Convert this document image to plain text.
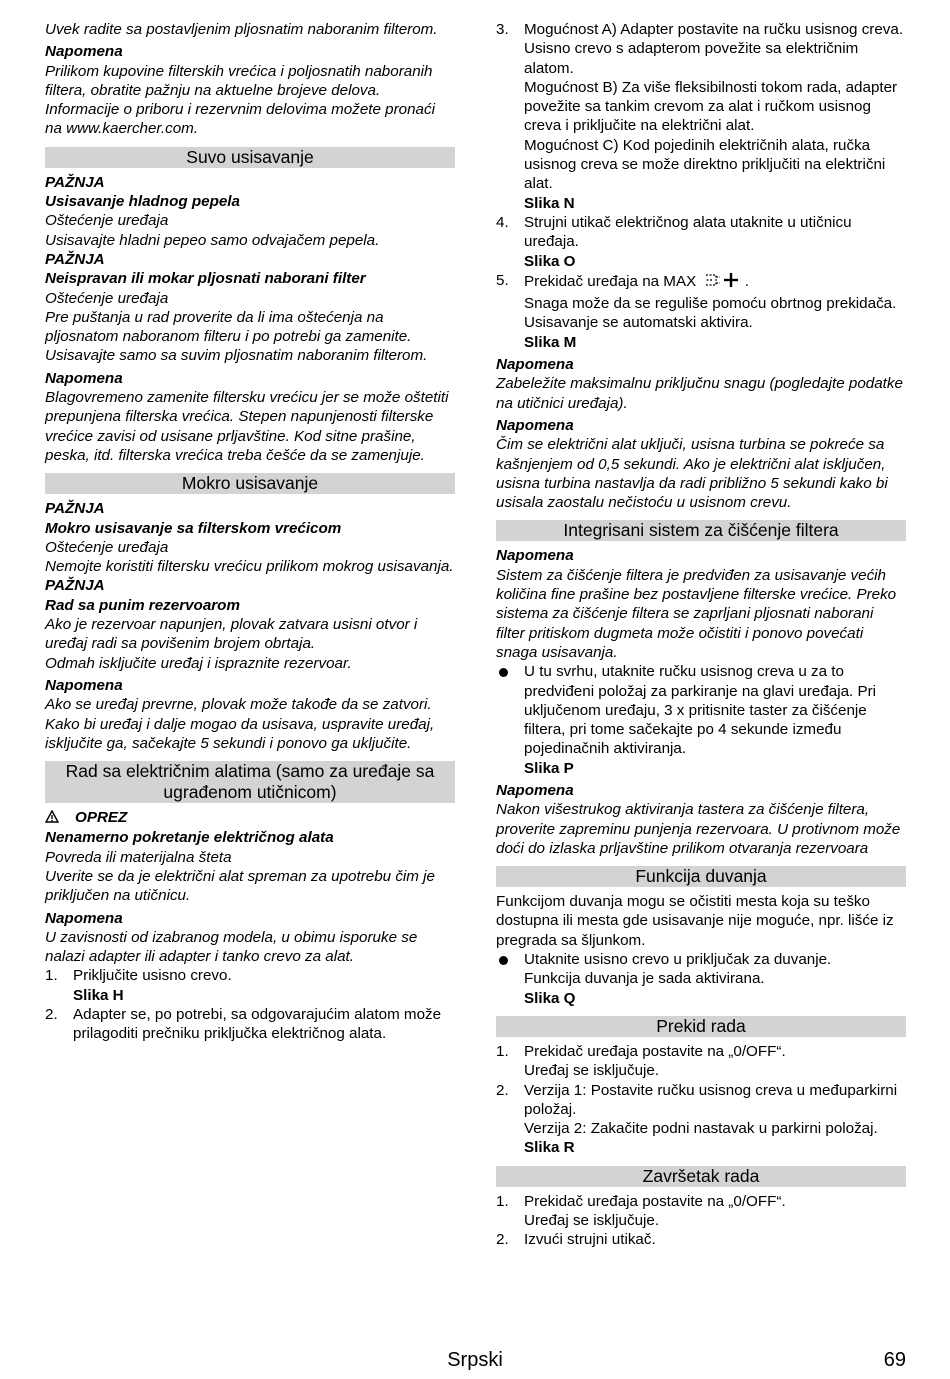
Uvek radite sa postavljenim pljosnatim naboranim filterom.
Napomena
Prilikom kupovine filterskih vrećica i poljosnatih naboranih filtera, obratite pažnju na aktuelne brojeve delova.
Informacije o priboru i rezervnim delovima možete pronaći na www.kaercher.com.
Suvo usisavanje
PAŽNJA
Usisavanje hladnog pepela
Oštećenje uređaja
Usisavajte hladni pepeo samo odvajačem pepela.
PAŽNJA
Neispravan ili mokar pljosnati naborani filter
Oštećenje uređaja
Pre puštanja u rad proverite da li ima oštećenja na pljosnatom naboranom filteru i po potrebi ga zamenite. Usisavajte samo sa suvim pljosnatim naboranim filterom.
Napomena
Blagovremeno zamenite filtersku vrećicu jer se može oštetiti prepunjena filterska vrećica. Stepen napunjenosti filterske vrećice zavisi od usisane prljavštine. Kod sitne prašine, peska, itd. filterska vrećica treba češće da se zamenjuje.
Mokro usisavanje
PAŽNJA
Mokro usisavanje sa filterskom vrećicom
Oštećenje uređaja
Nemojte koristiti filtersku vrećicu prilikom mokrog usisavanja.
PAŽNJA
Rad sa punim rezervoarom
Ako je rezervoar napunjen, plovak zatvara usisni otvor i uređaj radi sa povišenim brojem obrtaja.
Odmah isključite uređaj i ispraznite rezervoar.
Napomena
Ako se uređaj prevrne, plovak može takođe da se zatvori. Kako bi uređaj i dalje mogao da usisava, uspravite uređaj, isključite ga, sačekajte 5 sekundi i ponovo ga uključite.
Rad sa električnim alatima (samo za uređaje sa ugrađenom utičnicom)
OPREZ
Nenamerno pokretanje električnog alata
Povreda ili materijalna šteta
Uverite se da je električni alat spreman za upotrebu čim je priključen na utičnicu.
Napomena
U zavisnosti od izabranog modela, u obimu isporuke se nalazi adapter ili adapter i tanko crevo za alat.
1. Priključite usisno crevo.
Slika H
2. Adapter se, po potrebi, sa odgovarajućim alatom može prilagoditi prečniku priključka električnog alata.
3. Mogućnost A) Adapter postavite na ručku usisnog creva. Usisno crevo s adapterom povežite sa električnim alatom.
Mogućnost B) Za više fleksibilnosti tokom rada, adapter povežite sa tankim crevom za alat i ručkom usisnog creva i priključite na električni alat.
Mogućnost C) Kod pojedinih električnih alata, ručka usisnog creva se može direktno priključiti na električni alat.
Slika N
4. Strujni utikač električnog alata utaknite u utičnicu uređaja.
Slika O
5. Prekidač uređaja na MAX	.
Snaga može da se reguliše pomoću obrtnog prekidača.
Usisavanje se automatski aktivira.
Slika M
Napomena
Zabeležite maksimalnu priključnu snagu (pogledajte podatke na utičnici uređaja).
Napomena
Čim se električni alat uključi, usisna turbina se pokreće sa kašnjenjem od 0,5 sekundi. Ako je električni alat isključen, usisna turbina nastavlja da radi približno 5 sekundi kako bi usisala zaostalu nečistoću u usisnom crevu.
Integrisani sistem za čišćenje filtera
Napomena
Sistem za čišćenje filtera je predviđen za usisavanje većih količina fine prašine bez postavljene filterske vrećice. Preko sistema za čišćenje filtera se zaprljani pljosnati naborani filter pritiskom dugmeta može očistiti i ponovo povećati snaga usisavanja.
U tu svrhu, utaknite ručku usisnog creva u za to predviđeni položaj za parkiranje na glavi uređaja. Pri uključenom uređaju, 3 x pritisnite taster za čišćenje filtera, pri tome sačekajte po 4 sekunde između pojedinačnih aktiviranja.
Slika P
Napomena
Nakon višestrukog aktiviranja tastera za čišćenje filtera, proverite zapreminu punjenja rezervoara. U protivnom može doći do izlaska prljavštine prilikom otvaranja rezervoara
Funkcija duvanja
Funkcijom duvanja mogu se očistiti mesta koja su teško dostupna ili mesta gde usisavanje nije moguće, npr. lišće iz pregrada sa šljunkom.
Utaknite usisno crevo u priključak za duvanje.
Funkcija duvanja je sada aktivirana.
Slika Q
Prekid rada
1. Prekidač uređaja postavite na „0/OFF“.
Uređaj se isključuje.
2. Verzija 1: Postavite ručku usisnog creva u međuparkirni položaj.
Verzija 2: Zakačite podni nastavak u parkirni položaj.
Slika R
Završetak rada
1. Prekidač uređaja postavite na „0/OFF“.
Uređaj se isključuje.
2. Izvući strujni utikač.
Srpski	69
